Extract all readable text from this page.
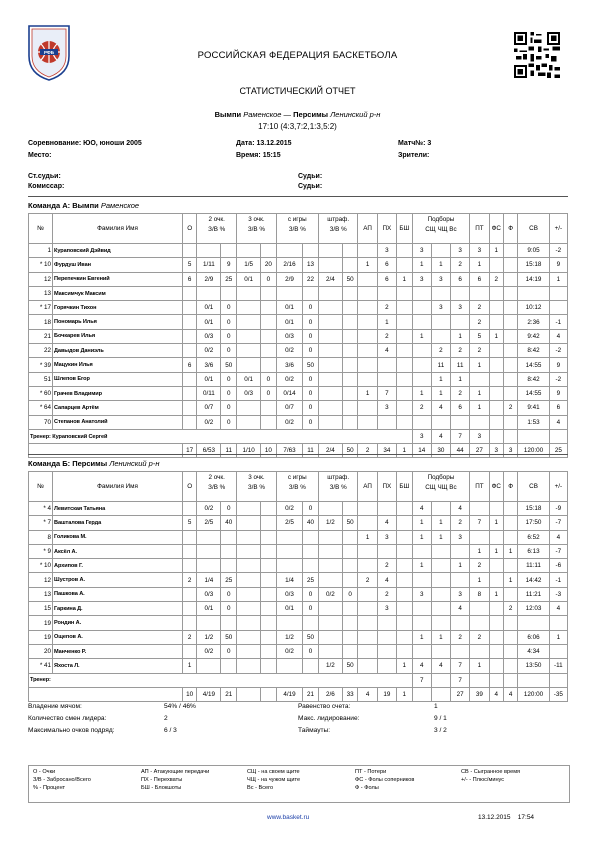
РФБ	РОССИЙСКАЯ ФЕДЕРАЦИЯ БАСКЕТБОЛА
СТАТИСТИЧЕСКИЙ ОТЧЕТ
Вымпи Раменское — Персимы Ленинский р-н
17:10 (4:3,7:2,1:3,5:2)
Соревнование: ЮО, юноши 2005	Дата: 13.12.2015	Матч№: 3
Место:	Время: 15:15	Зрители:
Ст.судьи:	Судьи:
Комиссар:	Судьи:
Команда А: Вымпи Раменское
№	Фамилия Имя	О	2 очк.
З/В %		3 очк.
З/В %		с игры
З/В %		штраф.
З/В %		АП	ПХ	БШ	Подборы
СЩ ЧЩ Вс			ПТ	ФС	Ф	СВ	+/-
1	Кураповский Дэйвид											3		3		3	3	1		9:05	-2
* 10	Фурдуш Иван	5	1/11	9	1/5	20	2/16	13			1	6		1	1	2	1			15:18	9
12	Перепечкин Евгений	6	2/9	25	0/1	0	2/9	22	2/4	50		6	1	3	3	6	6	2		14:19	1
13	Максимчук Максим																				
* 17	Горячкин Тихон		0/1	0			0/1	0				2			3	3	2			10:12	
18	Пономарь Илья		0/1	0			0/1	0				1					2			2:36	-1
21	Бочкарев Илья		0/3	0			0/3	0				2		1		1	5	1		9:42	4
22	Давыдов Даниэль		0/2	0			0/2	0				4			2	2	2			8:42	-2
* 39	Мацукин Илья	6	3/6	50			3/6	50							11	11	1			14:55	9
51	Шлепов Егор		0/1	0	0/1	0	0/2	0							1	1				8:42	-2
* 60	Грачев Владимир		0/11	0	0/3	0	0/14	0			1	7		1	1	2	1			14:55	9
* 64	Сапарцев Артём		0/7	0			0/7	0				3		2	4	6	1		2	9:41	6
70	Степанов Анатолий		0/2	0			0/2	0												1:53	4
Тренер: Кураповский Сергей														3	4	7	3				
		17	6/53	11	1/10	10	7/63	11	2/4	50	2	34	1	14	30	44	27	3	3	120:00	25
Команда Б: Персимы Ленинский р-н
№	Фамилия Имя	О	2 очк.
З/В %		3 очк.
З/В %		с игры
З/В %		штраф.
З/В %		АП	ПХ	БШ	Подборы
СЩ ЧЩ Вс			ПТ	ФС	Ф	СВ	+/-
* 4	Левитская Татьяна		0/2	0			0/2	0						4		4				15:18	-9
* 7	Вашталова Герда	5	2/5	40			2/5	40	1/2	50		4		1	1	2	7	1		17:50	-7
8	Голикова М.										1	3		1	1	3				6:52	4
* 9	Аксёл А.																1	1	1	6:13	-7
* 10	Архипов Г.											2		1		1	2			11:11	-6
12	Шустров А.	2	1/4	25			1/4	25			2	4					1		1	14:42	-1
13	Пашкова А.		0/3	0			0/3	0	0/2	0		2		3		3	8	1		11:21	-3
15	Гаркина Д.		0/1	0			0/1	0				3				4			2	12:03	4
19	Рондин А.																				
19	Ощепов А.	2	1/2	50			1/2	50						1	1	2	2			6:06	1
20	Манченко Р.		0/2	0			0/2	0												4:34	
* 41	Яхоста Л.	1							1/2	50			1	4	4	7	1			13:50	-11
Тренер:														7		7					
		10	4/19	21			4/19	21	2/6	33	4	19	1			27	39	4	4	120:00	-35
Владение мячом:	54% / 46%	Равенство счета:	1
Количество смен лидера:	2	Макс. лидирование:	9 / 1
Максимально очков подряд:	6 / 3	Таймауты:	3 / 2
О - Очки
З/В - Забросано/Всего
% - Процент
АП - Атакующие передачи
ПХ - Перехваты
БШ - Блокшоты
СЩ - на своем щите
ЧЩ - на чужом щите
Вс - Всего
ПТ - Потери
ФС - Фолы соперников
Ф - Фолы
СВ - Сыгранное время
+/- - Плюс/минус
www.basket.ru	13.12.2015 17:54
